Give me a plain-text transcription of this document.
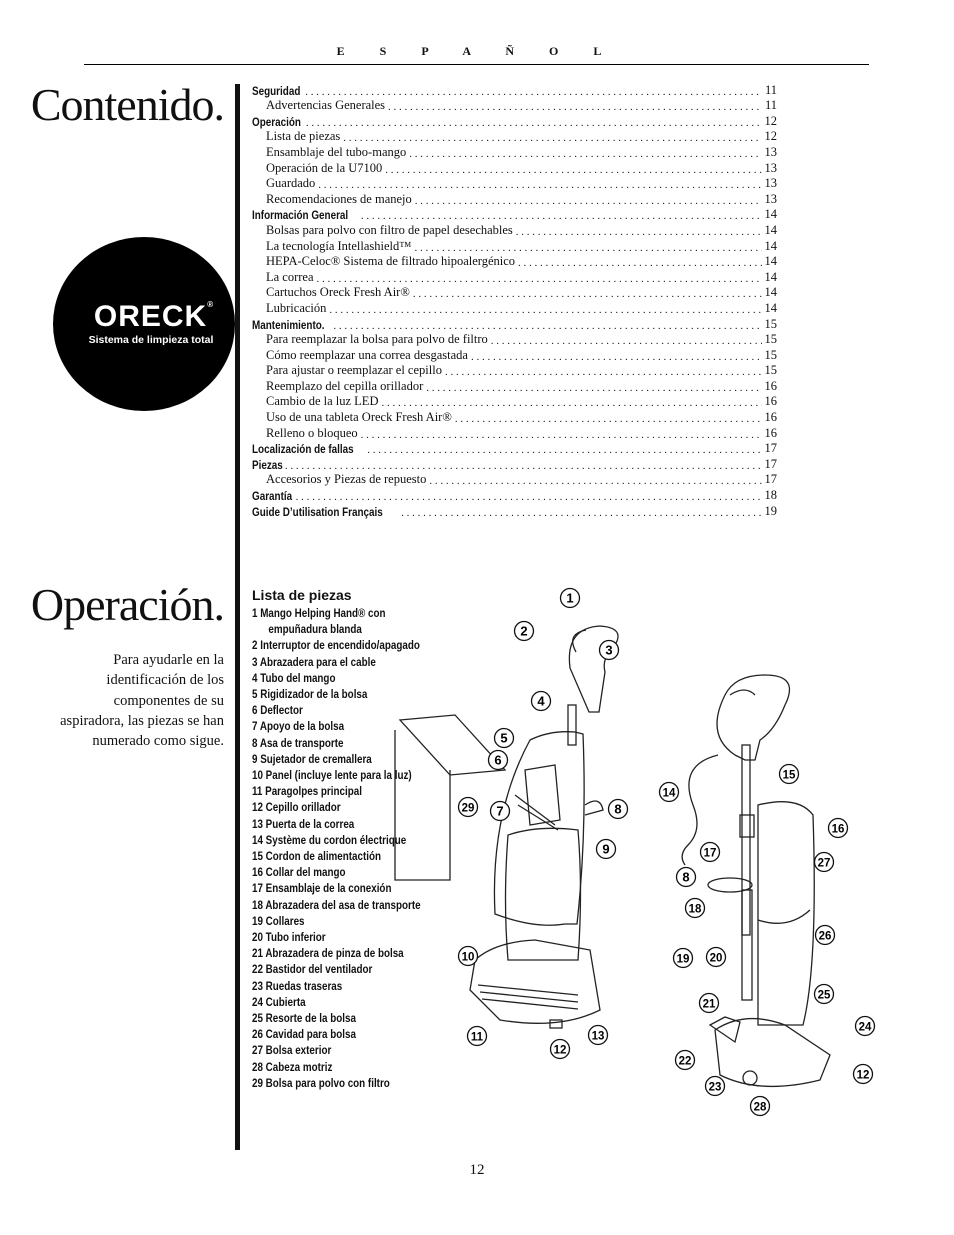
E S P A Ñ O L
Contenido. Seguridad . . .	11
Advertencias Generales . . .	11
Operación . . .	12
Lista de piezas . . .	12
Ensamblaje del tubo-mango . . .	13
Operación de la U7100 . . .	13
Guardado . . .	13
Recomendaciones de manejo . . .	13
Información General . . .	14
Bolsas para polvo con filtro de papel desechables . . .	14
La tecnología Intellashield™ . . .	14
HEPA-Celoc® Sistema de filtrado hipoalergénico . . .	14
La correa . . .	14
Cartuchos Oreck Fresh Air® . . .	14
Lubricación . . .	14
Mantenimiento. . . .	15
Para reemplazar la bolsa para polvo de filtro . . .	15
Cómo reemplazar una correa desgastada . . .	15
Para ajustar o reemplazar el cepillo . . .	15
Reemplazo del cepilla orillador . . .	16
Cambio de la luz LED . . .	16
Uso de una tableta Oreck Fresh Air® . . .	16
Relleno o bloqueo . . .	16
Localización de fallas . . .	17
Piezas . . .	17
Accesorios y Piezas de repuesto . . .	17
Garantía . . .	18
Guide D’utilisation Français . . .	19
ORECK®
Sistema de limpieza total
Operación.
Para ayudarle en la identificación de los componentes de su aspiradora, las piezas se han numerado como sigue.
Lista de piezas
1 Mango Helping Hand® con
empuñadura blanda
2 Interruptor de encendido/apagado
3 Abrazadera para el cable
4 Tubo del mango
5 Rigidizador de la bolsa
6 Deflector
7 Apoyo de la bolsa
8 Asa de transporte
9 Sujetador de cremallera
10 Panel (incluye lente para la luz)
11 Paragolpes principal
12 Cepillo orillador
13 Puerta de la correa
14 Système du cordon électrique
15 Cordon de alimentactión
16 Collar del mango
17 Ensamblaje de la conexión
18 Abrazadera del asa de transporte
19 Collares
20 Tubo inferior
21 Abrazadera de pinza de bolsa
22 Bastidor del ventilador
23 Ruedas traseras
24 Cubierta
25 Resorte de la bolsa
26 Cavidad para bolsa
27 Bolsa exterior
28 Cabeza motriz
29 Bolsa para polvo con filtro
1
2
3
4
5
6
7	8
9
10
11
12
13
29
14
15
16
17
8
27
18
26
19 20
25
21
24
22
12
23
28
12
